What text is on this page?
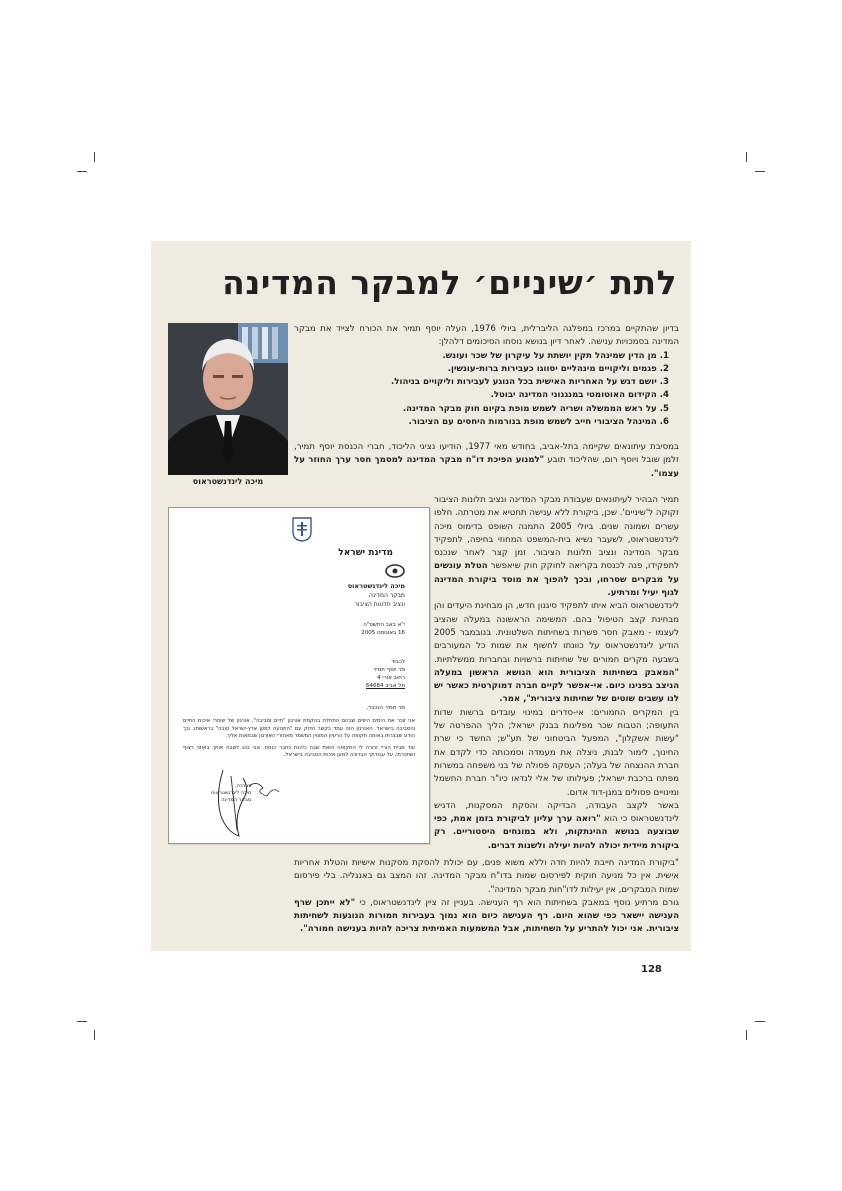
לתת ׳שיניים׳ למבקר המדינה

מיכה לינדנשטראוס

בדיון שהתקיים במרכז במפלגה הליברלית, ביולי 1976, העלה יוסף תמיר את הכורח לצייד את מבקר המדינה בסמכויות ענישה. לאחר דיון בנושא נוסחו הסיכומים דלהלן:

1. מן הדין שמינהל תקין יושתת על עיקרון של שכר ועונש.
2. פגמים וליקויים מינהליים יסווגו כעבירות ברות-עונשין.
3. יושם דגש על האחריות האישית בכל הנוגע לעבירות וליקויים בניהול.
4. הקידום האוטומטי במנגנוני המדינה יבוטל.
5. על ראש הממשלה ושריה לשמש מופת בקיום חוק מבקר המדינה.
6. המינהל הציבורי חייב לשמש מופת בנורמות היחסים עם הציבור.

במסיבת עיתונאים שקיימה בתל-אביב, בחודש מאי 1977, הודיעו נציגי הליכוד, חברי הכנסת יוסף תמיר, זלמן שובל ויוסף רום, שהליכוד תובע "למנוע הפיכת דו"ח מבקר המדינה למסמך חסר ערך החוזר על עצמו".

תמיר הבהיר לעיתונאים שעבודת מבקר המדינה ונציב תלונות הציבור זקוקה ל'שיניים'. שכן, ביקורת ללא ענישה תחטיא את מטרתה. חלפו עשרים ושמונה שנים. ביולי 2005 התמנה השופט בדימוס מיכה לינדנשטראוס, לשעבר נשיא בית-המשפט המחוזי בחיפה, לתפקיד מבקר המדינה ונציב תלונות הציבור. זמן קצר לאחר שנכנס לתפקידו, פנה לכנסת בקריאה לחוקק חוק שיאפשר הטלת עונשים על מבקרים שסרחו, ובכך להפוך את מוסד ביקורת המדינה לגוף יעיל ומרתיע.

לינדנשטראוס הביא איתו לתפקיד סיגנון חדש, הן מבחינת היעדים והן מבחינת קצב הטיפול בהם. המשימה הראשונה במעלה שהציב לעצמו - מאבק חסר פשרות בשחיתות השלטונית. בנובמבר 2005 הודיע לינדנשטראוס על כוונתו לחשוף את שמות כל המעורבים בשבעה מקרים חמורים של שחיתות ברשויות ובחברות ממשלתיות. "המאבק בשחיתות הציבורית הוא הנושא הראשון במעלה הניצב בפנינו כיום. אי-אפשר לקיים חברה דמוקרטית כאשר יש לנו עשבים שוטים של שחיתות ציבורית", אמר.

בין המקרים החמורים: אי-סדרים במינוי עובדים ברשות שדות התעופה; הטבות שכר מפליגות בבנק ישראל; הליך ההפרטה של "עשות אשקלון", המפעל הביטחוני של תע"ש; החשד כי שרת החינוך, לימור לבנת, ניצלה את מעמדה וסמכותה כדי לקדם את חברת ההנצחה של בעלה; העסקה פסולה של בני משפחה במשרות מפתח ברכבת ישראל; פעילותו של אלי לנדאו כיו"ר חברת החשמל ומינויים פסולים במגן-דוד אדום.

באשר לקצב העבודה, הבדיקה והסקת המסקנות, הדגיש לינדנשטראוס כי הוא "רואה ערך עליון לביקורת בזמן אמת, כפי שבוצעה בנושא ההינתקות, ולא במונחים היסטוריים. רק ביקורת מיידית יכולה להיות יעילה ולשנות דברים.

"ביקורת המדינה חייבת להיות חדה וללא משוא פנים, עם יכולת להסקת מסקנות אישיות והטלת אחריות אישית. אין כל מניעה חוקית לפירסום שמות בדו"ח מבקר המדינה. זהו המצב גם באנגליה. בלי פירסום שמות המבקרים, אין יעילות לדו"חות מבקר המדינה".

גורם מרתיע נוסף במאבק בשחיתות הוא רף הענישה. בעניין זה ציין לינדנשטראוס, כי "לא ייתכן שרף הענישה יישאר כפי שהוא היום. רף הענישה כיום הוא נמוך בעבירות חמורות הנוגעות לשחיתות ציבורית. אני יכול להתריע על השחיתות, אבל המשמעות האמיתית צריכה להיות בענישה חמורה".

מדינת ישראל

מיכה לינדנשטראוס
מבקר המדינה
ונציב תלונות הציבור

י"א באב התשס"ה
16 באוגוסט 2005

לכבוד
מר יוסף תמיר
רחוב אורי 4
תל אביב 64684

מר תמיר הנכבד,

אני זוכר את הימים היפים שבהם התחלת בהקמת אורגון "חיים וסביבה", אורגון של שוחרי איכות החיים והסביבה בישראל. האורגון הזה עמד בקשר הדוק עם "התנועה למען ארץ-ישראל טובה" בראשותו, וכך הודע שבצרתו באותה תקופה על הרעיון המצוין המשמר מאחורי האורגון שבמאות אליך.

עוד מבית הוריי זכורה לי התקופה הזאת שבה כיהנת כחבר כנסת. אבי נהג לשבח אותך באוזני רצוף ושתכרתי, על עבודתך הברוכה למען איכות הסביבה בישראל.

בברכה,
מיכה לינדנשטראוס
מבקר המדינה

128
